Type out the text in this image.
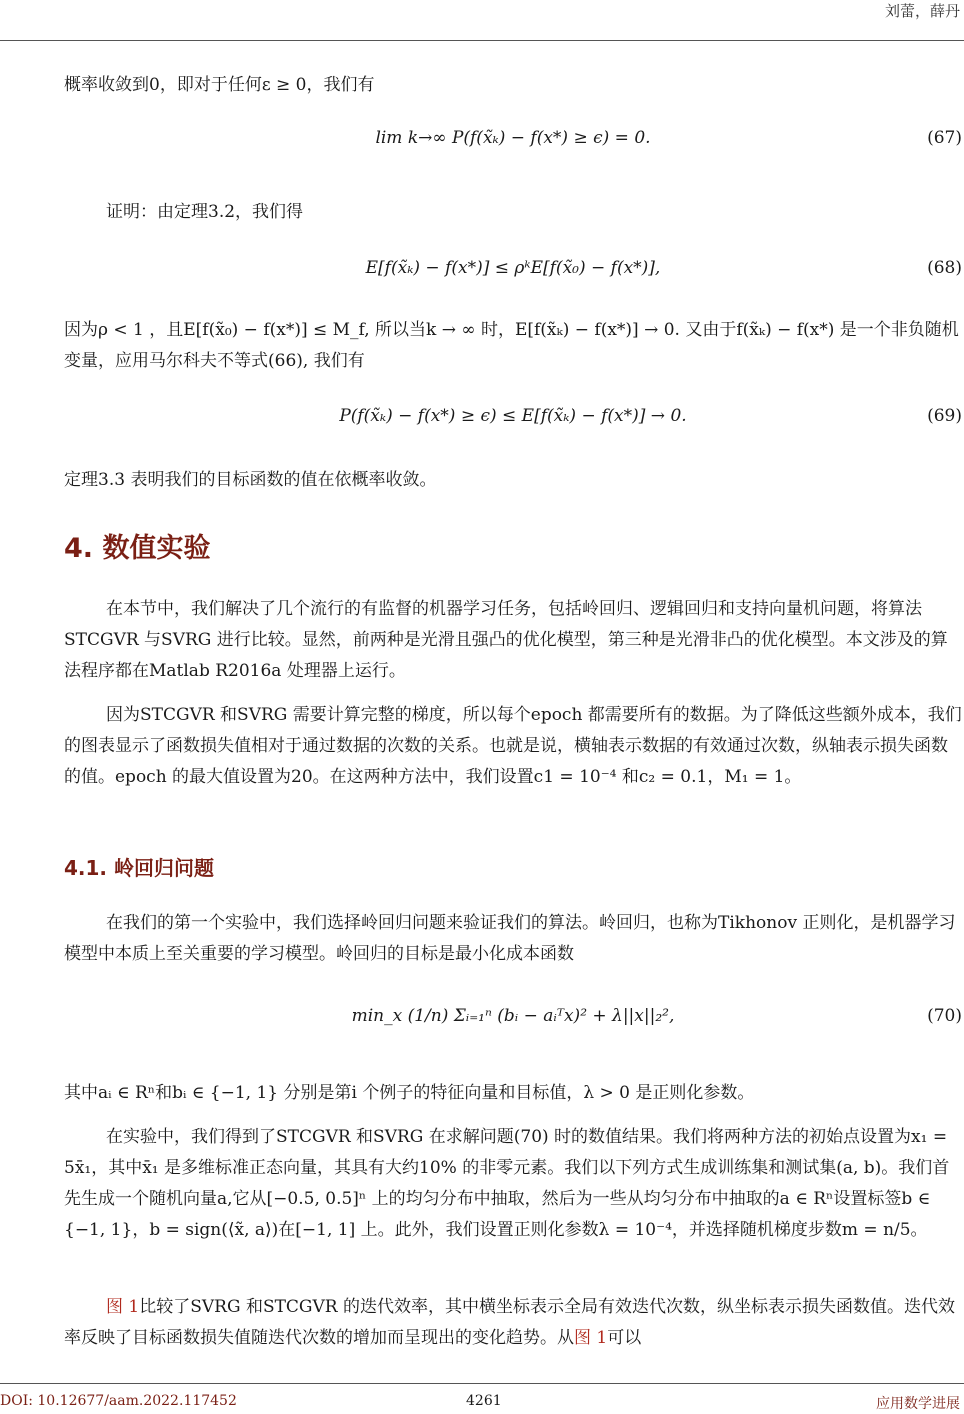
刘蕾，薛丹

概率收敛到0，即对于任何ε ≥ 0，我们有

lim k→∞ P(f(x̃ₖ) − f(x*) ≥ ϵ) = 0.	(67)

证明：由定理3.2，我们得

E[f(x̃ₖ) − f(x*)] ≤ ρᵏE[f(x̃₀) − f(x*)],	(68)

因为ρ < 1 ，且E[f(x̃₀) − f(x*)] ≤ M_f, 所以当k → ∞ 时，E[f(x̃ₖ) − f(x*)] → 0. 又由于f(x̃ₖ) − f(x*) 是一个非负随机变量，应用马尔科夫不等式(66), 我们有

P(f(x̃ₖ) − f(x*) ≥ ϵ) ≤ E[f(x̃ₖ) − f(x*)] → 0.	(69)

定理3.3 表明我们的目标函数的值在依概率收敛。

4. 数值实验

在本节中，我们解决了几个流行的有监督的机器学习任务，包括岭回归、逻辑回归和支持向量机问题，将算法STCGVR 与SVRG 进行比较。显然，前两种是光滑且强凸的优化模型，第三种是光滑非凸的优化模型。本文涉及的算法程序都在Matlab R2016a 处理器上运行。

因为STCGVR 和SVRG 需要计算完整的梯度，所以每个epoch 都需要所有的数据。为了降低这些额外成本，我们的图表显示了函数损失值相对于通过数据的次数的关系。也就是说，横轴表示数据的有效通过次数，纵轴表示损失函数的值。epoch 的最大值设置为20。在这两种方法中，我们设置c1 = 10⁻⁴ 和c₂ = 0.1，M₁ = 1。

4.1. 岭回归问题

在我们的第一个实验中，我们选择岭回归问题来验证我们的算法。岭回归，也称为Tikhonov 正则化，是机器学习模型中本质上至关重要的学习模型。岭回归的目标是最小化成本函数

min_x (1/n) Σᵢ₌₁ⁿ (bᵢ − aᵢᵀx)² + λ||x||₂²,	(70)

其中aᵢ ∈ Rⁿ和bᵢ ∈ {−1, 1} 分别是第i 个例子的特征向量和目标值，λ > 0 是正则化参数。

在实验中，我们得到了STCGVR 和SVRG 在求解问题(70) 时的数值结果。我们将两种方法的初始点设置为x₁ = 5x̄₁，其中x̄₁ 是多维标准正态向量，其具有大约10% 的非零元素。我们以下列方式生成训练集和测试集(a, b)。我们首先生成一个随机向量a,它从[−0.5, 0.5]ⁿ 上的均匀分布中抽取，然后为一些从均匀分布中抽取的a ∈ Rⁿ设置标签b ∈ {−1, 1}，b = sign(⟨x̃, a⟩)在[−1, 1] 上。此外，我们设置正则化参数λ = 10⁻⁴，并选择随机梯度步数m = n/5。

图 1比较了SVRG 和STCGVR 的迭代效率，其中横坐标表示全局有效迭代次数，纵坐标表示损失函数值。迭代效率反映了目标函数损失值随迭代次数的增加而呈现出的变化趋势。从图 1可以

DOI: 10.12677/aam.2022.117452	4261	应用数学进展
